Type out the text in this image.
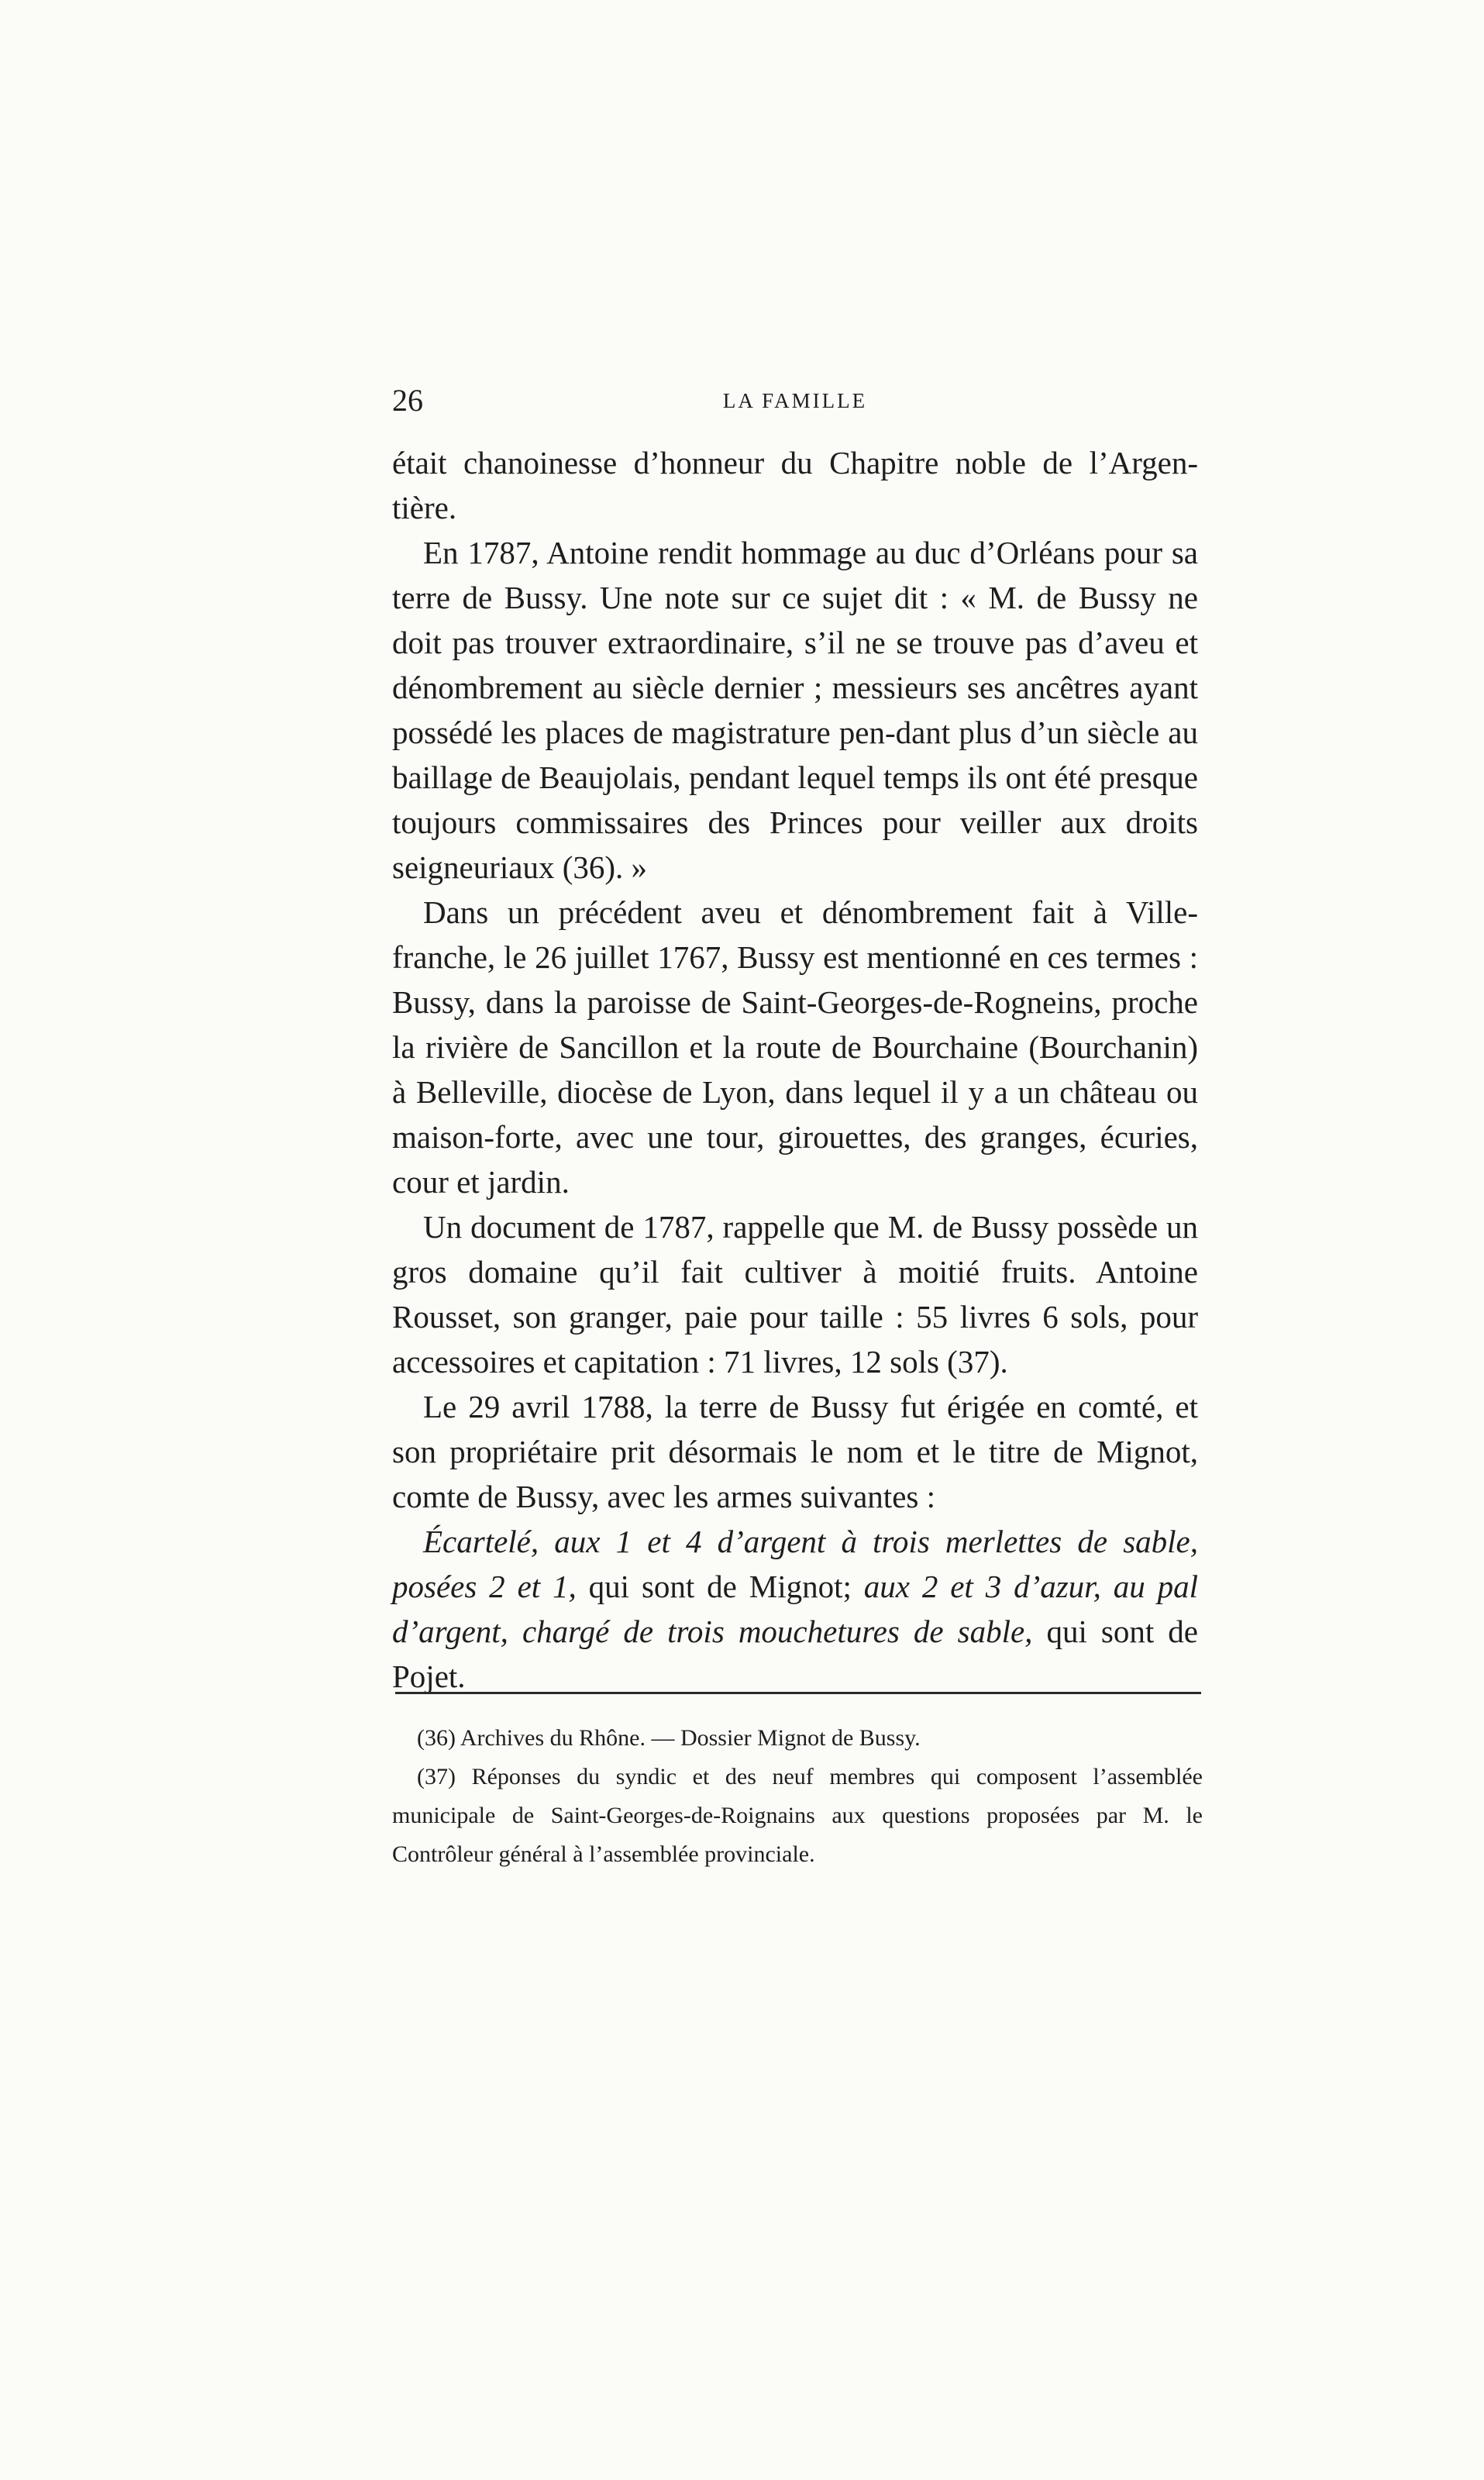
26	LA FAMILLE

était chanoinesse d’honneur du Chapitre noble de l’Argen-tière.

En 1787, Antoine rendit hommage au duc d’Orléans pour sa terre de Bussy. Une note sur ce sujet dit : « M. de Bussy ne doit pas trouver extraordinaire, s’il ne se trouve pas d’aveu et dénombrement au siècle dernier ; messieurs ses ancêtres ayant possédé les places de magistrature pen-dant plus d’un siècle au baillage de Beaujolais, pendant lequel temps ils ont été presque toujours commissaires des Princes pour veiller aux droits seigneuriaux (36). »

Dans un précédent aveu et dénombrement fait à Ville-franche, le 26 juillet 1767, Bussy est mentionné en ces termes : Bussy, dans la paroisse de Saint-Georges-de-Rogneins, proche la rivière de Sancillon et la route de Bourchaine (Bourchanin) à Belleville, diocèse de Lyon, dans lequel il y a un château ou maison-forte, avec une tour, girouettes, des granges, écuries, cour et jardin.

Un document de 1787, rappelle que M. de Bussy possède un gros domaine qu’il fait cultiver à moitié fruits. Antoine Rousset, son granger, paie pour taille : 55 livres 6 sols, pour accessoires et capitation : 71 livres, 12 sols (37).

Le 29 avril 1788, la terre de Bussy fut érigée en comté, et son propriétaire prit désormais le nom et le titre de Mignot, comte de Bussy, avec les armes suivantes :

Écartelé, aux 1 et 4 d’argent à trois merlettes de sable, posées 2 et 1, qui sont de Mignot; aux 2 et 3 d’azur, au pal d’argent, chargé de trois mouchetures de sable, qui sont de Pojet.

(36) Archives du Rhône. — Dossier Mignot de Bussy.

(37) Réponses du syndic et des neuf membres qui composent l’assemblée municipale de Saint-Georges-de-Roignains aux questions proposées par M. le Contrôleur général à l’assemblée provinciale.
